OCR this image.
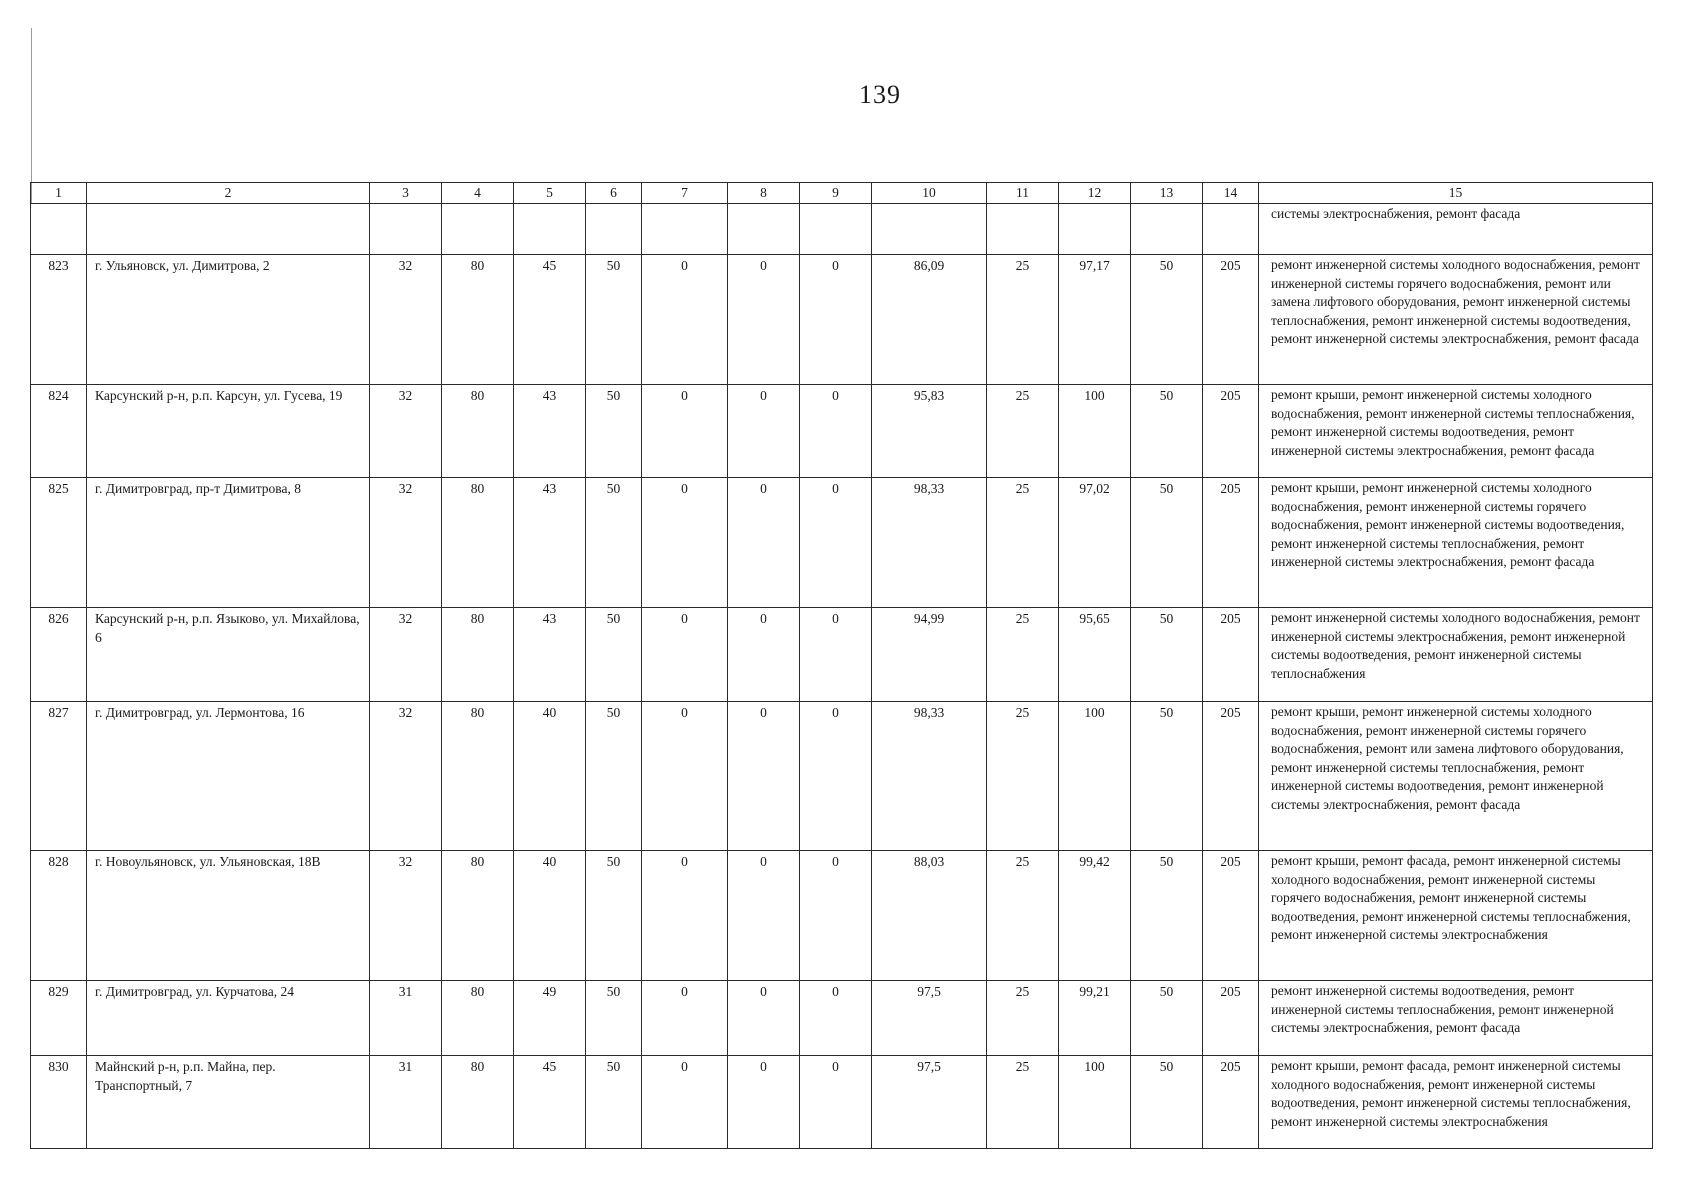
139
1	2	3	4	5	6	7	8	9	10	11	12	13	14	15
														системы электроснабжения, ремонт фасада
823	г. Ульяновск, ул. Димитрова, 2	32	80	45	50	0	0	0	86,09	25	97,17	50	205	ремонт инженерной системы холодного водоснабжения, ремонт инженерной системы горячего водоснабжения, ремонт или замена лифтового оборудования, ремонт инженерной системы теплоснабжения, ремонт инженерной системы водоотведения, ремонт инженерной системы электроснабжения, ремонт фасада
824	Карсунский р-н, р.п. Карсун, ул. Гусева, 19	32	80	43	50	0	0	0	95,83	25	100	50	205	ремонт крыши, ремонт инженерной системы холодного водоснабжения, ремонт инженерной системы теплоснабжения, ремонт инженерной системы водоотведения, ремонт инженерной системы электроснабжения, ремонт фасада
825	г. Димитровград, пр-т Димитрова, 8	32	80	43	50	0	0	0	98,33	25	97,02	50	205	ремонт крыши, ремонт инженерной системы холодного водоснабжения, ремонт инженерной системы горячего водоснабжения, ремонт инженерной системы водоотведения, ремонт инженерной системы теплоснабжения, ремонт инженерной системы электроснабжения, ремонт фасада
826	Карсунский р-н, р.п. Языково, ул. Михайлова, 6	32	80	43	50	0	0	0	94,99	25	95,65	50	205	ремонт инженерной системы холодного водоснабжения, ремонт инженерной системы электроснабжения, ремонт инженерной системы водоотведения, ремонт инженерной системы теплоснабжения
827	г. Димитровград, ул. Лермонтова, 16	32	80	40	50	0	0	0	98,33	25	100	50	205	ремонт крыши, ремонт инженерной системы холодного водоснабжения, ремонт инженерной системы горячего водоснабжения, ремонт или замена лифтового оборудования, ремонт инженерной системы теплоснабжения, ремонт инженерной системы водоотведения, ремонт инженерной системы электроснабжения, ремонт фасада
828	г. Новоульяновск, ул. Ульяновская, 18В	32	80	40	50	0	0	0	88,03	25	99,42	50	205	ремонт крыши, ремонт фасада, ремонт инженерной системы холодного водоснабжения, ремонт инженерной системы горячего водоснабжения, ремонт инженерной системы водоотведения, ремонт инженерной системы теплоснабжения, ремонт инженерной системы электроснабжения
829	г. Димитровград, ул. Курчатова, 24	31	80	49	50	0	0	0	97,5	25	99,21	50	205	ремонт инженерной системы водоотведения, ремонт инженерной системы теплоснабжения, ремонт инженерной системы электроснабжения, ремонт фасада
830	Майнский р-н, р.п. Майна, пер. Транспортный, 7	31	80	45	50	0	0	0	97,5	25	100	50	205	ремонт крыши, ремонт фасада, ремонт инженерной системы холодного водоснабжения, ремонт инженерной системы водоотведения, ремонт инженерной системы теплоснабжения, ремонт инженерной системы электроснабжения
